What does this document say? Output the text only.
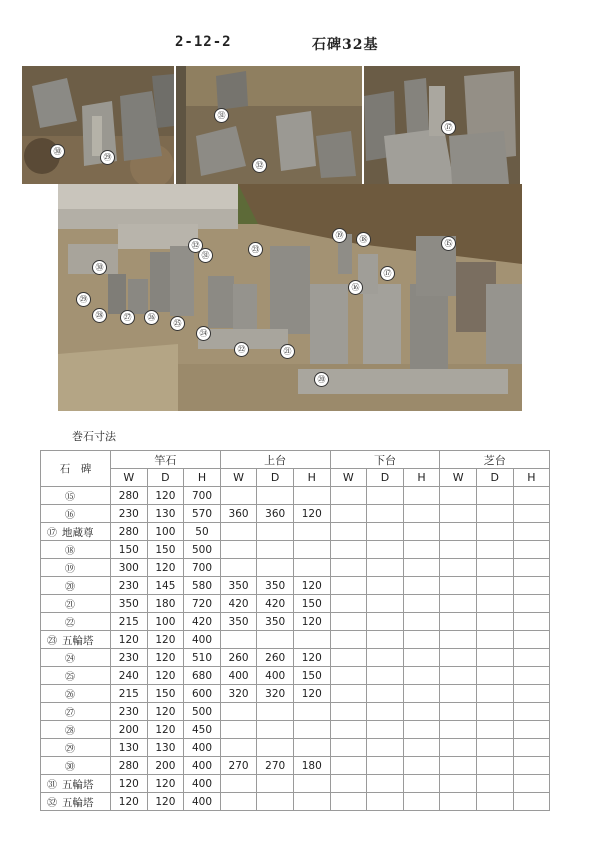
2-12-2	石碑32基
㉚
㉙
㉛
㉜
⑰
㉜
㉛
㉓
⑲	⑱	⑮
⑰
⑯
㉚
㉙
㉘	㉗	㉖
㉕
㉔
㉒	㉑
⑳
巻石寸法
石　碑	竿石			上台			下台			芝台		
	W	D	H	W	D	H	W	D	H	W	D	H
⑮	280	120	700									
⑯	230	130	570	360	360	120						
⑰ 地蔵尊	280	100	50									
⑱	150	150	500									
⑲	300	120	700									
⑳	230	145	580	350	350	120						
㉑	350	180	720	420	420	150						
㉒	215	100	420	350	350	120						
㉓ 五輪塔	120	120	400									
㉔	230	120	510	260	260	120						
㉕	240	120	680	400	400	150						
㉖	215	150	600	320	320	120						
㉗	230	120	500									
㉘	200	120	450									
㉙	130	130	400									
㉚	280	200	400	270	270	180						
㉛ 五輪塔	120	120	400									
㉜ 五輪塔	120	120	400									
